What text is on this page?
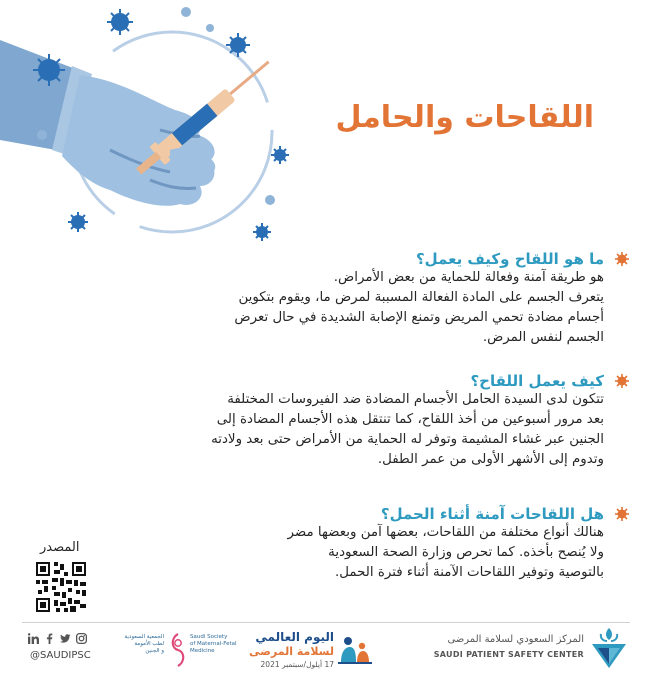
اللقاحات والحامل
ما هو اللقاح وكيف يعمل؟
هو طريقة آمنة وفعالة للحماية من بعض الأمراض.
يتعرف الجسم على المادة الفعالة المسببة لمرض ما، ويقوم بتكوين
أجسام مضادة تحمي المريض وتمنع الإصابة الشديدة في حال تعرض
الجسم لنفس المرض.
كيف يعمل اللقاح؟
تتكون لدى السيدة الحامل الأجسام المضادة ضد الفيروسات المختلفة
بعد مرور أسبوعين من أخذ اللقاح، كما تنتقل هذه الأجسام المضادة إلى
الجنين عبر غشاء المشيمة وتوفر له الحماية من الأمراض حتى بعد ولادته
وتدوم إلى الأشهر الأولى من عمر الطفل.
هل اللقاحات آمنة أثناء الحمل؟
هنالك أنواع مختلفة من اللقاحات، بعضها آمن وبعضها مضر
ولا يُنصح بأخذه. كما تحرص وزارة الصحة السعودية
بالتوصية وتوفير اللقاحات الآمنة أثناء فترة الحمل.
المصدر
@SAUDIPSC
الجمعية السعودية
لطب الأمومة
و الجنين
Saudi Society
of Maternal-Fetal
Medicine
اليوم العالمي
لسلامة المرضى
17 أيلول/سبتمبر 2021
المركز السعودي لسلامة المرضى
SAUDI PATIENT SAFETY CENTER
